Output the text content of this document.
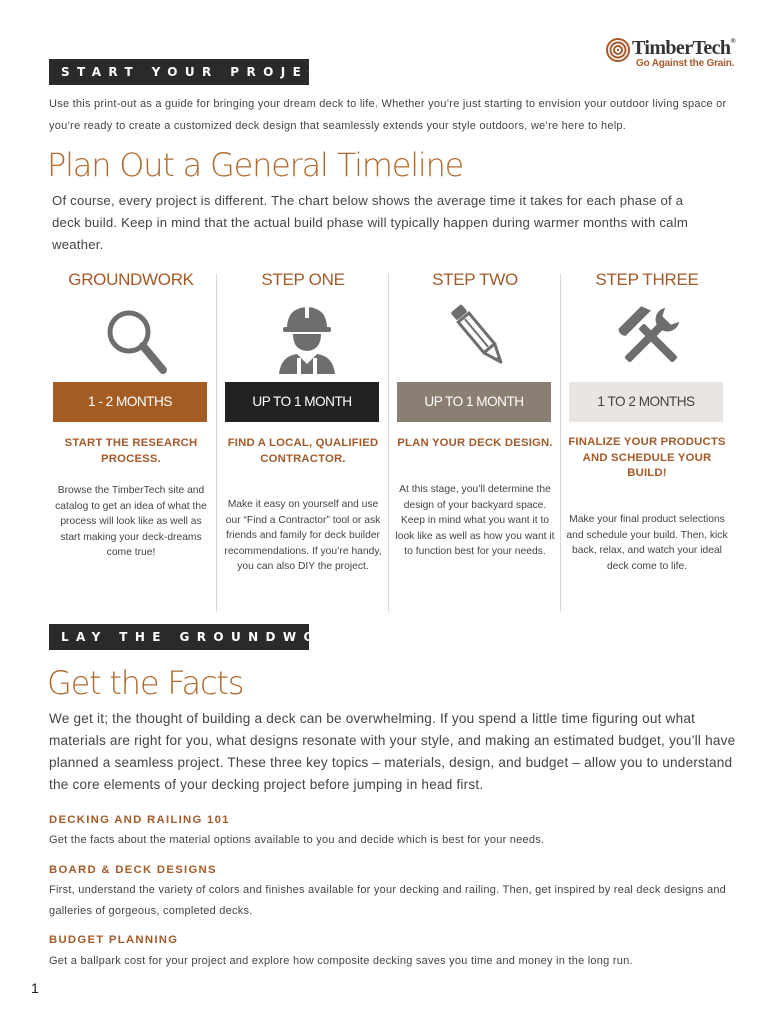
START YOUR PROJECT
TimberTech®
Go Against the Grain.

Use this print-out as a guide for bringing your dream deck to life. Whether you’re just starting to envision your outdoor living space or you’re ready to create a customized deck design that seamlessly extends your style outdoors, we’re here to help.

Plan Out a General Timeline

Of course, every project is different. The chart below shows the average time it takes for each phase of a deck build. Keep in mind that the actual build phase will typically happen during warmer months with calm weather.

GROUNDWORK
1 - 2 MONTHS
START THE RESEARCH PROCESS.
Browse the TimberTech site and catalog to get an idea of what the process will look like as well as start making your deck-dreams come true!
STEP ONE
UP TO 1 MONTH
FIND A LOCAL, QUALIFIED CONTRACTOR.
Make it easy on yourself and use our “Find a Contractor” tool or ask friends and family for deck builder recommendations. If you’re handy, you can also DIY the project.
STEP TWO
UP TO 1 MONTH
PLAN YOUR DECK DESIGN.
At this stage, you’ll determine the design of your backyard space. Keep in mind what you want it to look like as well as how you want it to function best for your needs.
STEP THREE
1 TO 2 MONTHS
FINALIZE YOUR PRODUCTS AND SCHEDULE YOUR BUILD!
Make your final product selections and schedule your build. Then, kick back, relax, and watch your ideal deck come to life.
LAY THE GROUNDWORK
Get the Facts

We get it; the thought of building a deck can be overwhelming. If you spend a little time figuring out what materials are right for you, what designs resonate with your style, and making an estimated budget, you’ll have planned a seamless project. These three key topics – materials, design, and budget – allow you to understand the core elements of your decking project before jumping in head first.

DECKING AND RAILING 101

Get the facts about the material options available to you and decide which is best for your needs.

BOARD & DECK DESIGNS

First, understand the variety of colors and finishes available for your decking and railing. Then, get inspired by real deck designs and galleries of gorgeous, completed decks.

BUDGET PLANNING

Get a ballpark cost for your project and explore how composite decking saves you time and money in the long run.

1
